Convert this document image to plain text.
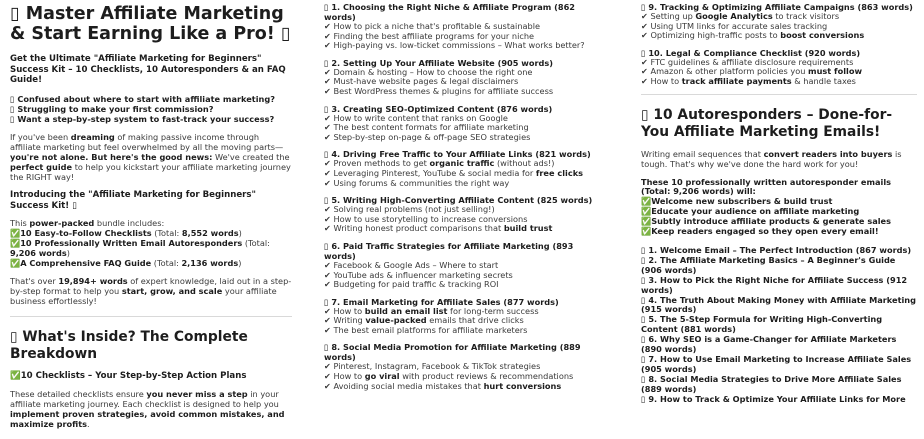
▯ Master Affiliate Marketing & Start Earning Like a Pro! ▯
Get the Ultimate "Affiliate Marketing for Beginners" Success Kit – 10 Checklists, 10 Autoresponders & an FAQ Guide!
▯ Confused about where to start with affiliate marketing?
▯ Struggling to make your first commission?
▯ Want a step-by-step system to fast-track your success?

If you've been dreaming of making passive income through affiliate marketing but feel overwhelmed by all the moving parts—you're not alone. But here's the good news: We've created the perfect guide to help you kickstart your affiliate marketing journey the RIGHT way!

Introducing the "Affiliate Marketing for Beginners" Success Kit! ▯

This power-packed bundle includes:
✅10 Easy-to-Follow Checklists (Total: 8,552 words)
✅10 Professionally Written Email Autoresponders (Total: 9,206 words)
✅A Comprehensive FAQ Guide (Total: 2,136 words)

That's over 19,894+ words of expert knowledge, laid out in a step-by-step format to help you start, grow, and scale your affiliate business effortlessly!

▯ What's Inside? The Complete Breakdown
✅10 Checklists – Your Step-by-Step Action Plans

These detailed checklists ensure you never miss a step in your affiliate marketing journey. Each checklist is designed to help you implement proven strategies, avoid common mistakes, and maximize profits.

▯ 1. Choosing the Right Niche & Affiliate Program (862 words)
✔ How to pick a niche that's profitable & sustainable
✔ Finding the best affiliate programs for your niche
✔ High-paying vs. low-ticket commissions – What works better?
▯ 2. Setting Up Your Affiliate Website (905 words)
✔ Domain & hosting – How to choose the right one
✔ Must-have website pages & legal disclaimers
✔ Best WordPress themes & plugins for affiliate success
▯ 3. Creating SEO-Optimized Content (876 words)
✔ How to write content that ranks on Google
✔ The best content formats for affiliate marketing
✔ Step-by-step on-page & off-page SEO strategies
▯ 4. Driving Free Traffic to Your Affiliate Links (821 words)
✔ Proven methods to get organic traffic (without ads!)
✔ Leveraging Pinterest, YouTube & social media for free clicks
✔ Using forums & communities the right way
▯ 5. Writing High-Converting Affiliate Content (825 words)
✔ Solving real problems (not just selling!)
✔ How to use storytelling to increase conversions
✔ Writing honest product comparisons that build trust
▯ 6. Paid Traffic Strategies for Affiliate Marketing (893 words)
✔ Facebook & Google Ads – Where to start
✔ YouTube ads & influencer marketing secrets
✔ Budgeting for paid traffic & tracking ROI
▯ 7. Email Marketing for Affiliate Sales (877 words)
✔ How to build an email list for long-term success
✔ Writing value-packed emails that drive clicks
✔ The best email platforms for affiliate marketers
▯ 8. Social Media Promotion for Affiliate Marketing (889 words)
✔ Pinterest, Instagram, Facebook & TikTok strategies
✔ How to go viral with product reviews & recommendations
✔ Avoiding social media mistakes that hurt conversions
▯ 9. Tracking & Optimizing Affiliate Campaigns (863 words)
✔ Setting up Google Analytics to track visitors
✔ Using UTM links for accurate sales tracking
✔ Optimizing high-traffic posts to boost conversions
▯ 10. Legal & Compliance Checklist (920 words)
✔ FTC guidelines & affiliate disclosure requirements
✔ Amazon & other platform policies you must follow
✔ How to track affiliate payments & handle taxes
▯ 10 Autoresponders – Done-for-You Affiliate Marketing Emails!

Writing email sequences that convert readers into buyers is tough. That's why we've done the hard work for you!

These 10 professionally written autoresponder emails (Total: 9,206 words) will:
✅Welcome new subscribers & build trust
✅Educate your audience on affiliate marketing
✅Subtly introduce affiliate products & generate sales
✅Keep readers engaged so they open every email!
▯ 1. Welcome Email – The Perfect Introduction (867 words)
▯ 2. The Affiliate Marketing Basics – A Beginner's Guide (906 words)
▯ 3. How to Pick the Right Niche for Affiliate Success (912 words)
▯ 4. The Truth About Making Money with Affiliate Marketing (915 words)
▯ 5. The 5-Step Formula for Writing High-Converting Content (881 words)
▯ 6. Why SEO is a Game-Changer for Affiliate Marketers (890 words)
▯ 7. How to Use Email Marketing to Increase Affiliate Sales (905 words)
▯ 8. Social Media Strategies to Drive More Affiliate Sales (889 words)
▯ 9. How to Track & Optimize Your Affiliate Links for More
